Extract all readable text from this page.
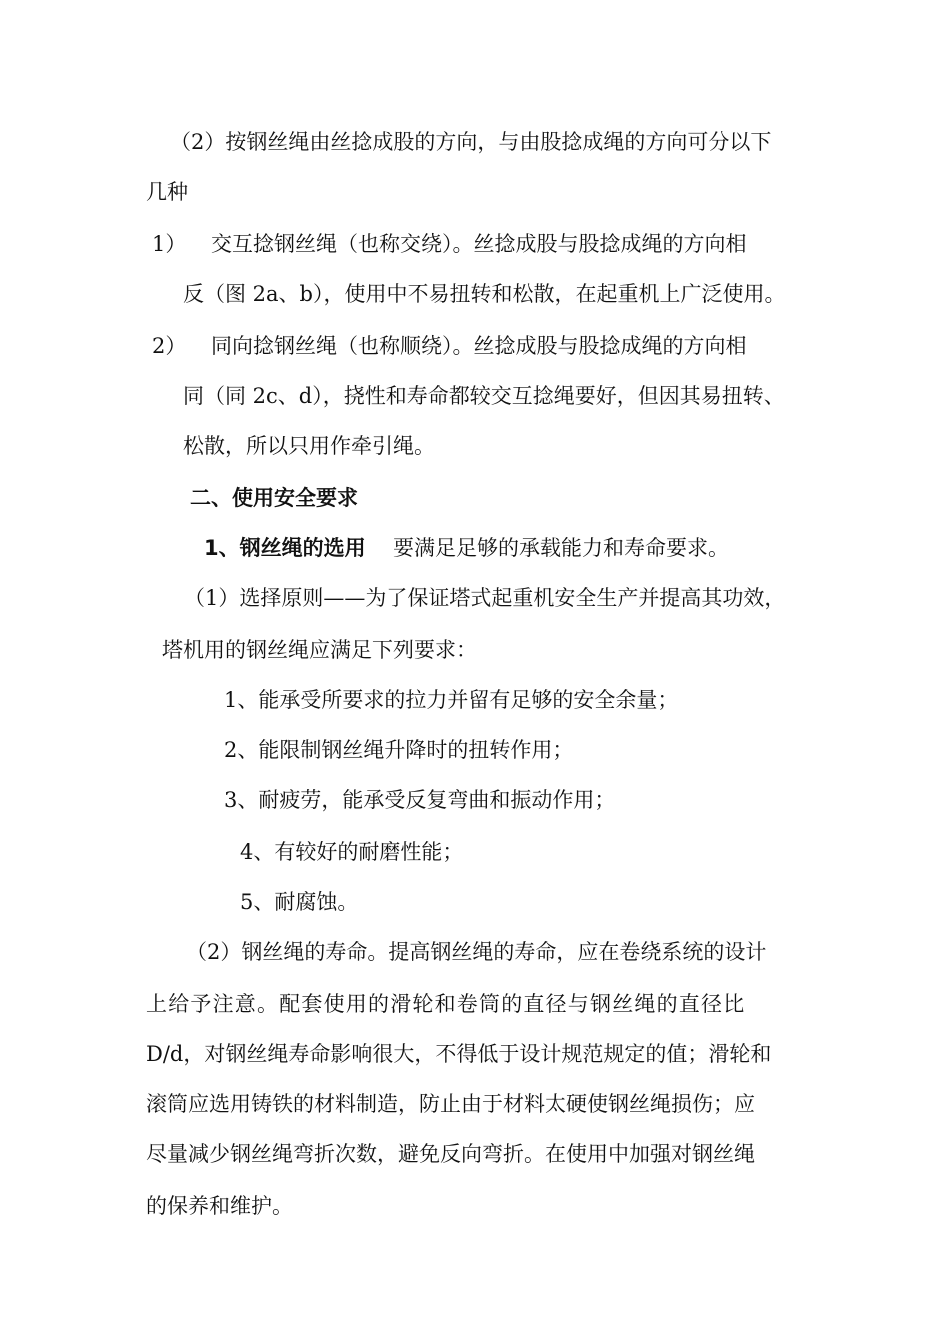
（2）按钢丝绳由丝捻成股的方向，与由股捻成绳的方向可分以下
几种
1） 交互捻钢丝绳（也称交绕）。丝捻成股与股捻成绳的方向相
反（图 2a、b），使用中不易扭转和松散，在起重机上广泛使用。
2） 同向捻钢丝绳（也称顺绕）。丝捻成股与股捻成绳的方向相
同（同 2c、d），挠性和寿命都较交互捻绳要好，但因其易扭转、
松散，所以只用作牵引绳。
二、使用安全要求
1、钢丝绳的选用 要满足足够的承载能力和寿命要求。
（1）选择原则——为了保证塔式起重机安全生产并提高其功效，
塔机用的钢丝绳应满足下列要求：
1、能承受所要求的拉力并留有足够的安全余量；
2、能限制钢丝绳升降时的扭转作用；
3、耐疲劳，能承受反复弯曲和振动作用；
4、有较好的耐磨性能；
5、耐腐蚀。
（2）钢丝绳的寿命。提高钢丝绳的寿命，应在卷绕系统的设计
上给予注意。配套使用的滑轮和卷筒的直径与钢丝绳的直径比
D/d，对钢丝绳寿命影响很大，不得低于设计规范规定的值；滑轮和
滚筒应选用铸铁的材料制造，防止由于材料太硬使钢丝绳损伤；应
尽量减少钢丝绳弯折次数，避免反向弯折。在使用中加强对钢丝绳
的保养和维护。
